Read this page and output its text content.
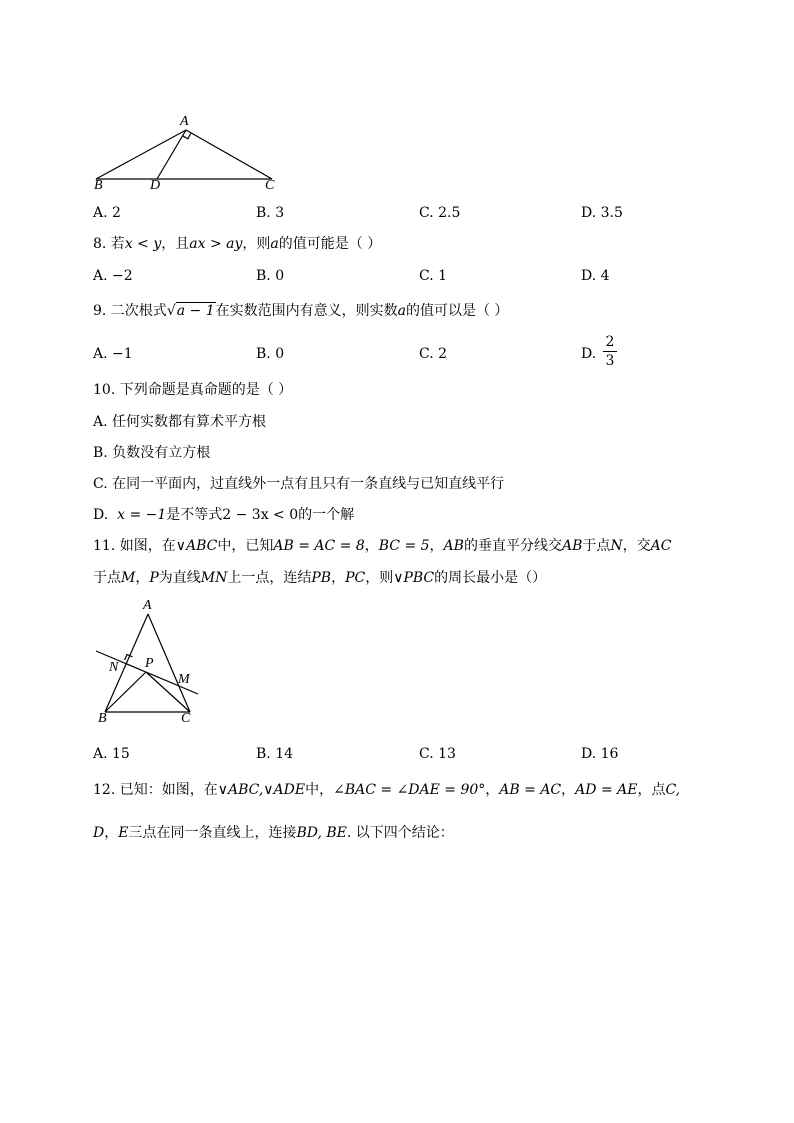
A
B	D	C
A. 2	B. 3	C. 2.5	D. 3.5
8. 若x < y，且ax > ay，则a的值可能是（ ）
A. −2	B. 0	C. 1	D. 4
9. 二次根式√a − 1在实数范围内有意义，则实数a的值可以是（ ）
A. −1	B. 0	C. 2	D.
2
3
10. 下列命题是真命题的是（ ）
A. 任何实数都有算术平方根
B. 负数没有立方根
C. 在同一平面内，过直线外一点有且只有一条直线与已知直线平行
D. x = −1是不等式2 − 3x < 0的一个解
11. 如图，在∨ABC中，已知AB = AC = 8，BC = 5，AB的垂直平分线交AB于点N，交AC
于点M，P为直线MN上一点，连结PB，PC，则∨PBC的周长最小是（）
A
N P
M
B	C
A. 15	B. 14	C. 13	D. 16
12. 已知：如图，在∨ABC,∨ADE中，∠BAC = ∠DAE = 90°，AB = AC，AD = AE，点C,
D，E三点在同一条直线上，连接BD, BE. 以下四个结论：
